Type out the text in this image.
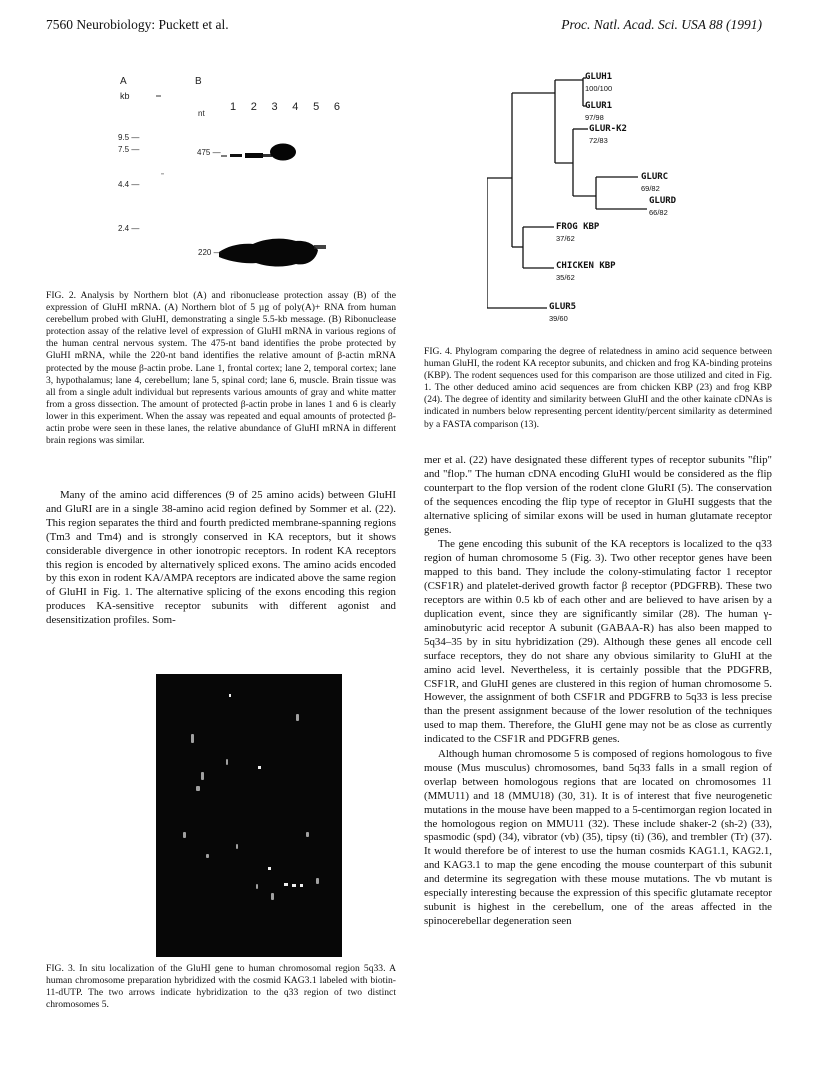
7560 Neurobiology: Puckett et al.	Proc. Natl. Acad. Sci. USA 88 (1991)
A	B
kb
nt
1 2 3 4 5 6
9.5 —
7.5 —
4.4 —
2.4 —
475 —
220 —
FIG. 2. Analysis by Northern blot (A) and ribonuclease protection assay (B) of the expression of GluHI mRNA. (A) Northern blot of 5 µg of poly(A)+ RNA from human cerebellum probed with GluHI, demonstrating a single 5.5-kb message. (B) Ribonuclease protection assay of the relative level of expression of GluHI mRNA in various regions of the human central nervous system. The 475-nt band identifies the probe protected by GluHI mRNA, while the 220-nt band identifies the relative amount of β-actin mRNA protected by the mouse β-actin probe. Lane 1, frontal cortex; lane 2, temporal cortex; lane 3, hypothalamus; lane 4, cerebellum; lane 5, spinal cord; lane 6, muscle. Brain tissue was all from a single adult individual but represents various amounts of gray and white matter from a gross dissection. The amount of protected β-actin probe in lanes 1 and 6 is clearly lower in this experiment. When the assay was repeated and equal amounts of protected β-actin probe were seen in these lanes, the relative abundance of GluHI mRNA in different brain regions was similar.

Many of the amino acid differences (9 of 25 amino acids) between GluHI and GluRI are in a single 38-amino acid region defined by Sommer et al. (22). This region separates the third and fourth predicted membrane-spanning regions (Tm3 and Tm4) and is strongly conserved in KA receptors, but it shows considerable divergence in other ionotropic receptors. In rodent KA receptors this region is encoded by alternatively spliced exons. The amino acids encoded by this exon in rodent KA/AMPA receptors are indicated above the same region of GluHI in Fig. 1. The alternative splicing of the exons encoding this region produces KA-sensitive receptor subunits with different agonist and desensitization profiles. Som-

FIG. 3. In situ localization of the GluHI gene to human chromosomal region 5q33. A human chromosome preparation hybridized with the cosmid KAG3.1 labeled with biotin-11-dUTP. The two arrows indicate hybridization to the q33 region of two distinct chromosomes 5.
GLUH1
100/100
GLUR1
97/98
GLUR-K2
72/83
GLURC
69/82
GLURD
66/82
FROG KBP
37/62
CHICKEN KBP
35/62
GLUR5
39/60
FIG. 4. Phylogram comparing the degree of relatedness in amino acid sequence between human GluHI, the rodent KA receptor subunits, and chicken and frog KA-binding proteins (KBP). The rodent sequences used for this comparison are those utilized and cited in Fig. 1. The other deduced amino acid sequences are from chicken KBP (23) and frog KBP (24). The degree of identity and similarity between GluHI and the other kainate cDNAs is indicated in numbers below representing percent identity/percent similarity as determined by a FASTA comparison (13).

mer et al. (22) have designated these different types of receptor subunits "flip" and "flop." The human cDNA encoding GluHI would be considered as the flip counterpart to the flop version of the rodent clone GluRI (5). The conservation of the sequences encoding the flip type of receptor in GluHI suggests that the alternative splicing of similar exons will be used in human glutamate receptor genes.

The gene encoding this subunit of the KA receptors is localized to the q33 region of human chromosome 5 (Fig. 3). Two other receptor genes have been mapped to this band. They include the colony-stimulating factor 1 receptor (CSF1R) and platelet-derived growth factor β receptor (PDGFRB). These two receptors are within 0.5 kb of each other and are believed to have arisen by a duplication event, since they are significantly similar (28). The human γ-aminobutyric acid receptor A subunit (GABAA-R) has also been mapped to 5q34–35 by in situ hybridization (29). Although these genes all encode cell surface receptors, they do not share any obvious similarity to GluHI at the amino acid level. Nevertheless, it is certainly possible that the PDGFRB, CSF1R, and GluHI genes are clustered in this region of human chromosome 5. However, the assignment of both CSF1R and PDGFRB to 5q33 is less precise than the present assignment because of the lower resolution of the techniques used to map them. Therefore, the GluHI gene may not be as close as currently indicated to the CSF1R and PDGFRB genes.

Although human chromosome 5 is composed of regions homologous to five mouse (Mus musculus) chromosomes, band 5q33 falls in a small region of overlap between homologous regions that are located on chromosomes 11 (MMU11) and 18 (MMU18) (30, 31). It is of interest that five neurogenetic mutations in the mouse have been mapped to a 5-centimorgan region located in the homologous region on MMU11 (32). These include shaker-2 (sh-2) (33), spasmodic (spd) (34), vibrator (vb) (35), tipsy (ti) (36), and trembler (Tr) (37). It would therefore be of interest to use the human cosmids KAG1.1, KAG2.1, and KAG3.1 to map the gene encoding the mouse counterpart of this subunit and determine its segregation with these mouse mutations. The vb mutant is especially interesting because the expression of this specific glutamate receptor subunit is highest in the cerebellum, one of the areas affected in the spinocerebellar degeneration seen
